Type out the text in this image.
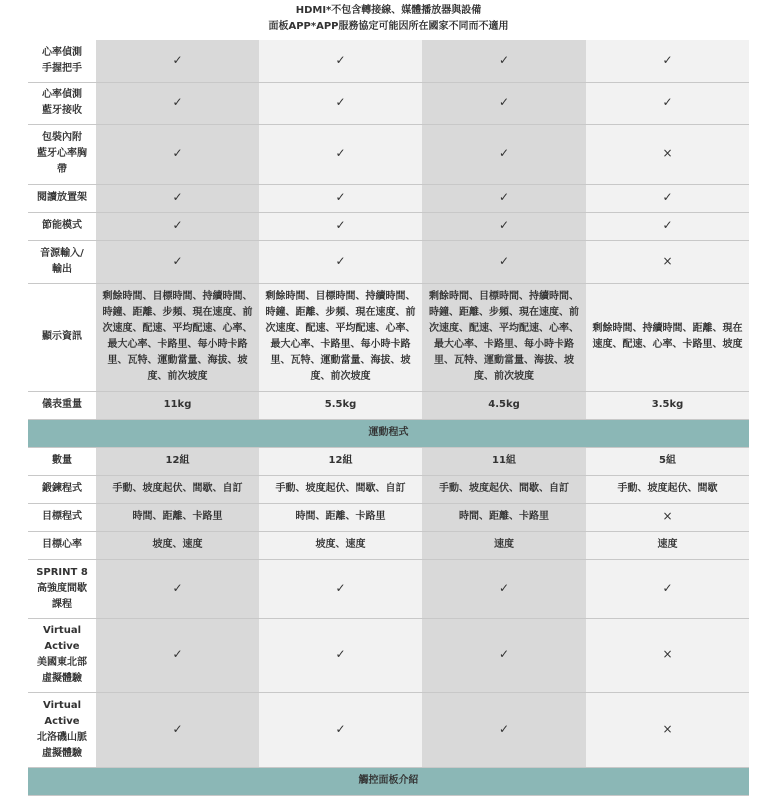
HDMI*不包含轉接線、媒體播放器與設備
面板APP*APP服務協定可能因所在國家不同而不適用
心率偵測
手握把手	✓	✓	✓	✓
心率偵測
藍牙接收	✓	✓	✓	✓
包裝內附
藍牙心率胸
帶	✓	✓	✓	×
閱讀放置架	✓	✓	✓	✓
節能模式	✓	✓	✓	✓
音源輸入/
輸出	✓	✓	✓	×
顯示資訊	剩餘時間、目標時間、持續時間、時鐘、距離、步頻、現在速度、前次速度、配速、平均配速、心率、最大心率、卡路里、每小時卡路里、瓦特、運動當量、海拔、坡度、前次坡度	剩餘時間、目標時間、持續時間、時鐘、距離、步頻、現在速度、前次速度、配速、平均配速、心率、最大心率、卡路里、每小時卡路里、瓦特、運動當量、海拔、坡度、前次坡度	剩餘時間、目標時間、持續時間、時鐘、距離、步頻、現在速度、前次速度、配速、平均配速、心率、最大心率、卡路里、每小時卡路里、瓦特、運動當量、海拔、坡度、前次坡度	剩餘時間、持續時間、距離、現在速度、配速、心率、卡路里、坡度
儀表重量	11kg	5.5kg	4.5kg	3.5kg
運動程式				
數量	12組	12組	11組	5組
鍛鍊程式	手動、坡度起伏、間歇、自訂	手動、坡度起伏、間歇、自訂	手動、坡度起伏、間歇、自訂	手動、坡度起伏、間歇
目標程式	時間、距離、卡路里	時間、距離、卡路里	時間、距離、卡路里	×
目標心率	坡度、速度	坡度、速度	速度	速度
SPRINT 8
高強度間歇
課程	✓	✓	✓	✓
Virtual
Active
美國東北部
虛擬體驗	✓	✓	✓	×
Virtual
Active
北洛磯山脈
虛擬體驗	✓	✓	✓	×
觸控面板介紹				
